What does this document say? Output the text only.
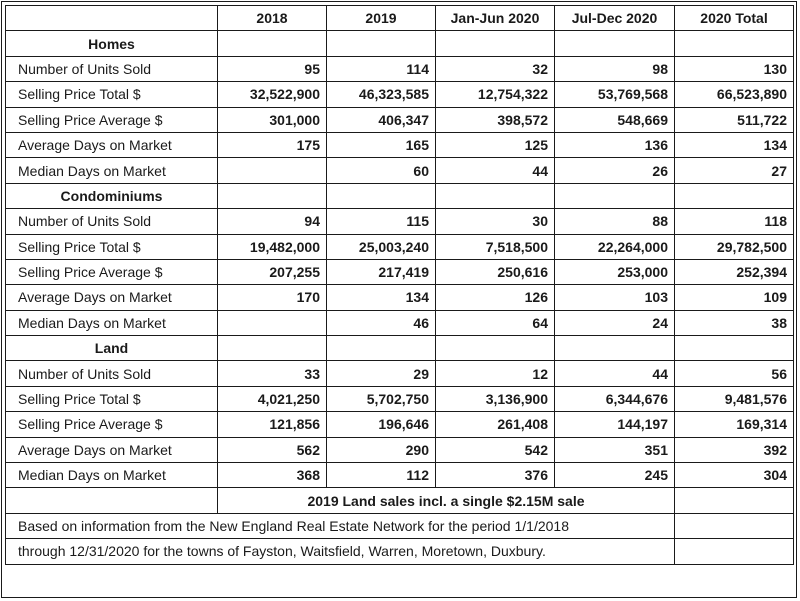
	2018	2019	Jan-Jun 2020	Jul-Dec 2020	2020 Total
Homes					
Number of Units Sold	95	114	32	98	130
Selling Price Total $	32,522,900	46,323,585	12,754,322	53,769,568	66,523,890
Selling Price Average $	301,000	406,347	398,572	548,669	511,722
Average Days on Market	175	165	125	136	134
Median Days on Market		60	44	26	27
Condominiums					
Number of Units Sold	94	115	30	88	118
Selling Price Total $	19,482,000	25,003,240	7,518,500	22,264,000	29,782,500
Selling Price Average $	207,255	217,419	250,616	253,000	252,394
Average Days on Market	170	134	126	103	109
Median Days on Market		46	64	24	38
Land					
Number of Units Sold	33	29	12	44	56
Selling Price Total $	4,021,250	5,702,750	3,136,900	6,344,676	9,481,576
Selling Price Average $	121,856	196,646	261,408	144,197	169,314
Average Days on Market	562	290	542	351	392
Median Days on Market	368	112	376	245	304
	2019 Land sales incl. a single $2.15M sale				
Based on information from the New England Real Estate Network for the period 1/1/2018					
through 12/31/2020 for the towns of Fayston, Waitsfield, Warren, Moretown, Duxbury.					
